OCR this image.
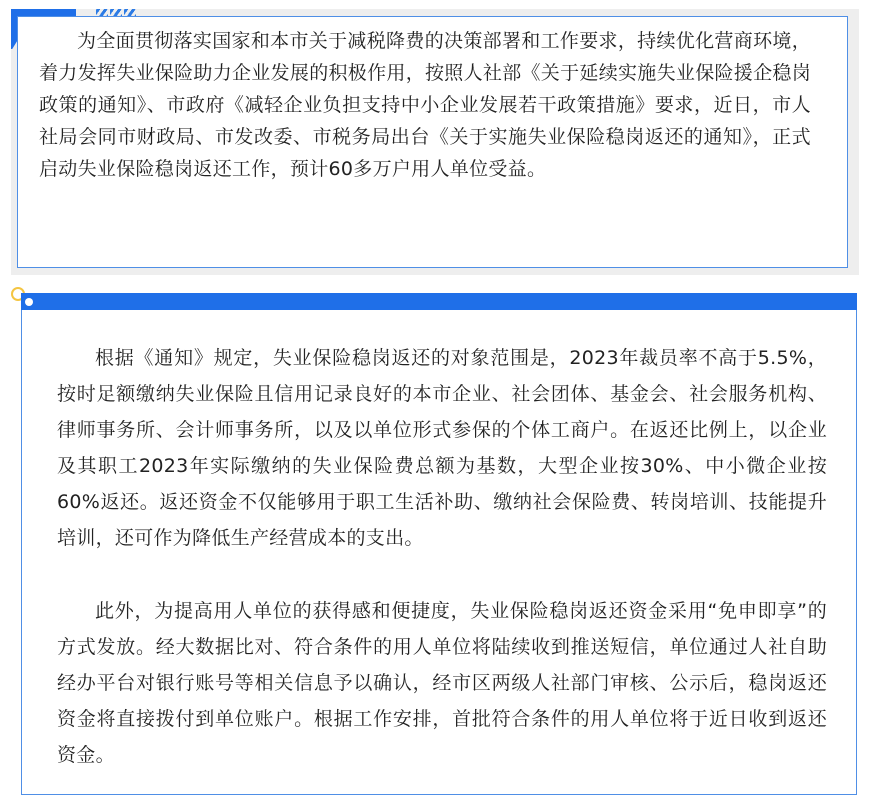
为全面贯彻落实国家和本市关于减税降费的决策部署和工作要求，持续优化营商环境，着力发挥失业保险助力企业发展的积极作用，按照人社部《关于延续实施失业保险援企稳岗政策的通知》、市政府《减轻企业负担支持中小企业发展若干政策措施》要求，近日，市人社局会同市财政局、市发改委、市税务局出台《关于实施失业保险稳岗返还的通知》，正式启动失业保险稳岗返还工作，预计60多万户用人单位受益。

根据《通知》规定，失业保险稳岗返还的对象范围是，2023年裁员率不高于5.5%，按时足额缴纳失业保险且信用记录良好的本市企业、社会团体、基金会、社会服务机构、律师事务所、会计师事务所，以及以单位形式参保的个体工商户。在返还比例上，以企业及其职工2023年实际缴纳的失业保险费总额为基数，大型企业按30%、中小微企业按60%返还。返还资金不仅能够用于职工生活补助、缴纳社会保险费、转岗培训、技能提升培训，还可作为降低生产经营成本的支出。

此外，为提高用人单位的获得感和便捷度，失业保险稳岗返还资金采用“免申即享”的方式发放。经大数据比对、符合条件的用人单位将陆续收到推送短信，单位通过人社自助经办平台对银行账号等相关信息予以确认，经市区两级人社部门审核、公示后，稳岗返还资金将直接拨付到单位账户。根据工作安排，首批符合条件的用人单位将于近日收到返还资金。
